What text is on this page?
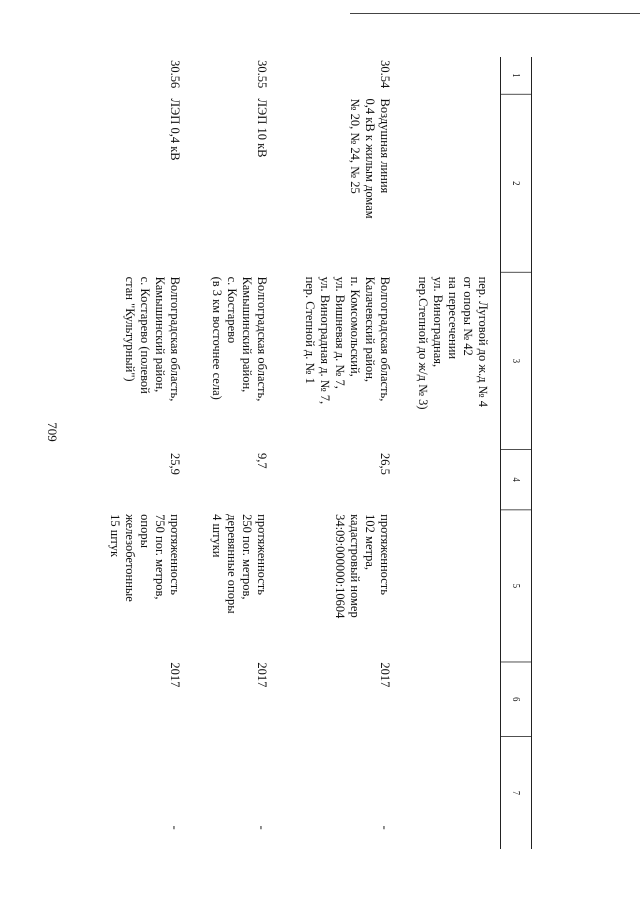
709
1
2
3
4
5
6
7
пер. Луговой до ж.д № 4
от опоры № 42
на пересечении
ул. Виноградная,
пер.Степной до ж/д № 3)
30.54
Воздушная линия
0,4 кВ к жилым домам
№ 20, № 24, № 25
Волгоградская область,
Калачевский район,
п. Комсомольский,
ул. Вишневая д. № 7,
ул. Виноградная д. № 7,
пер. Степной д. № 1
26,5
протяженность
102 метра,
кадастровый номер
34:09:000000:10604
30.55
ЛЭП 10 кВ
Волгоградская область,
Камышинский район,
с. Костарево
(в 3 км восточнее села)
9,7
протяженность
250 пог. метров,
деревянные опоры
4 штуки
30.56
ЛЭП 0,4 кВ
Волгоградская область,
Камышинский район,
с. Костарево (полевой
стан "Культурный")
25,9
протяженность
750 пог. метров,
опоры
железобетонные
15 штук
2017
-
2017
-
2017
-
